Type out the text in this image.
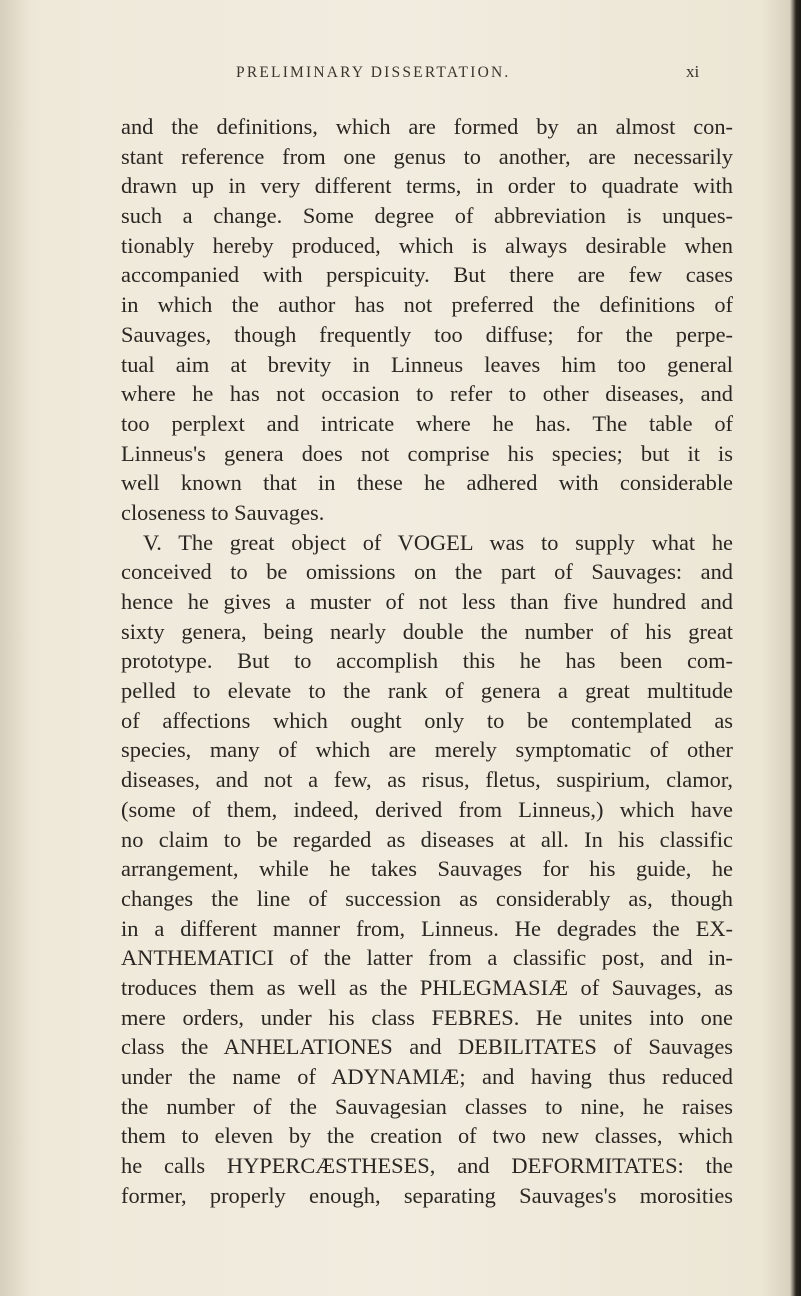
PRELIMINARY DISSERTATION.	xi
and the definitions, which are formed by an almost con-
stant reference from one genus to another, are necessarily
drawn up in very different terms, in order to quadrate with
such a change. Some degree of abbreviation is unques-
tionably hereby produced, which is always desirable when
accompanied with perspicuity. But there are few cases
in which the author has not preferred the definitions of
Sauvages, though frequently too diffuse; for the perpe-
tual aim at brevity in Linneus leaves him too general
where he has not occasion to refer to other diseases, and
too perplext and intricate where he has. The table of
Linneus's genera does not comprise his species; but it is
well known that in these he adhered with considerable
closeness to Sauvages.
V. The great object of VOGEL was to supply what he
conceived to be omissions on the part of Sauvages: and
hence he gives a muster of not less than five hundred and
sixty genera, being nearly double the number of his great
prototype. But to accomplish this he has been com-
pelled to elevate to the rank of genera a great multitude
of affections which ought only to be contemplated as
species, many of which are merely symptomatic of other
diseases, and not a few, as risus, fletus, suspirium, clamor,
(some of them, indeed, derived from Linneus,) which have
no claim to be regarded as diseases at all. In his classific
arrangement, while he takes Sauvages for his guide, he
changes the line of succession as considerably as, though
in a different manner from, Linneus. He degrades the EX-
ANTHEMATICI of the latter from a classific post, and in-
troduces them as well as the PHLEGMASIÆ of Sauvages, as
mere orders, under his class FEBRES. He unites into one
class the ANHELATIONES and DEBILITATES of Sauvages
under the name of ADYNAMIÆ; and having thus reduced
the number of the Sauvagesian classes to nine, he raises
them to eleven by the creation of two new classes, which
he calls HYPERCÆSTHESES, and DEFORMITATES: the
former, properly enough, separating Sauvages's morosities
